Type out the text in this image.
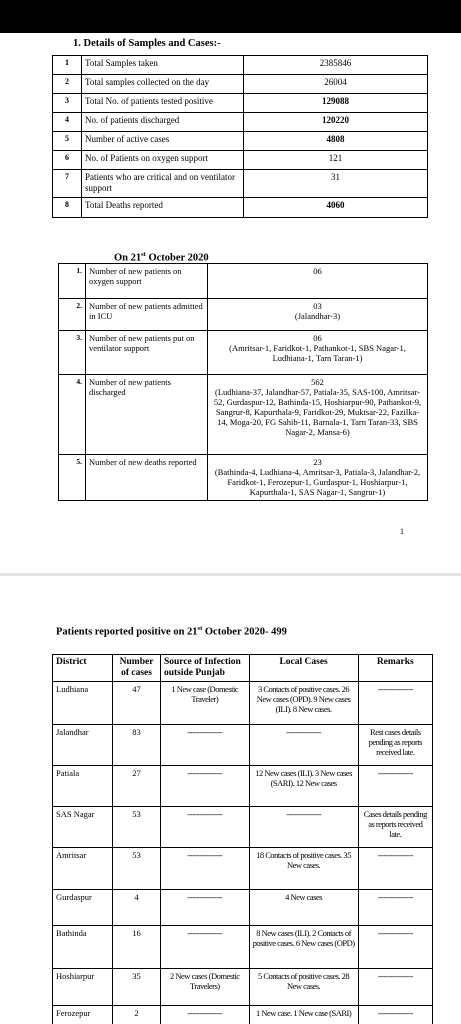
1. Details of Samples and Cases:-
1	Total Samples taken	2385846
2	Total samples collected on the day	26004
3	Total No. of patients tested positive	129088
4	No. of patients discharged	120220
5	Number of active cases	4808
6	No. of Patients on oxygen support	121
7	Patients who are critical and on ventilator support	31
8	Total Deaths reported	4060
On 21st October 2020
1.	Number of new patients on oxygen support	06

2.	Number of new patients admitted in ICU	03
(Jalandhar-3)

3.	Number of new patients put on ventilator support	06
(Amritsar-1, Faridkot-1, Pathankot-1, SBS Nagar-1, Ludhiana-1, Tarn Taran-1)

4.	Number of new patients discharged	562
(Ludhiana-37, Jalandhar-57, Patiala-35, SAS-100, Amritsar-52, Gurdaspur-12, Bathinda-15, Hoshiarpur-90, Pathankot-9, Sangrur-8, Kapurthala-9, Faridkot-29, Muktsar-22, Fazilka-14, Moga-20, FG Sahib-11, Barnala-1, Tarn Taran-33, SBS Nagar-2, Mansa-6)

5.	Number of new deaths reported	23
(Bathinda-4, Ludhiana-4, Amritsar-3, Patiala-3, Jalandhar-2, Faridkot-1, Ferozepur-1, Gurdaspur-1, Hoshiarpur-1, Kapurthala-1, SAS Nagar-1, Sangrur-1)
1
Patients reported positive on 21st October 2020- 499
District	Number of cases	Source of Infection outside Punjab	Local Cases	Remarks
Ludhiana	47	1 New case (Domestic Traveler)	3 Contacts of positive cases. 26 New cases (OPD). 9 New cases (ILI). 8 New cases.	---------------
Jalandhar	83	---------------	---------------	Rest cases details pending as reports received late.
Patiala	27	---------------	12 New cases (ILI). 3 New cases (SARI). 12 New cases	---------------
SAS Nagar	53	---------------	---------------	Cases details pending as reports received late.
Amritsar	53	---------------	18 Contacts of positive cases. 35 New cases.	---------------
Gurdaspur	4	---------------	4 New cases	---------------
Bathinda	16	---------------	8 New cases (ILI). 2 Contacts of positive cases. 6 New cases (OPD)	---------------
Hoshiarpur	35	2 New cases (Domestic Travelers)	5 Contacts of positive cases. 28 New cases.	---------------
Ferozepur	2	---------------	1 New case. 1 New case (SARI)	---------------
